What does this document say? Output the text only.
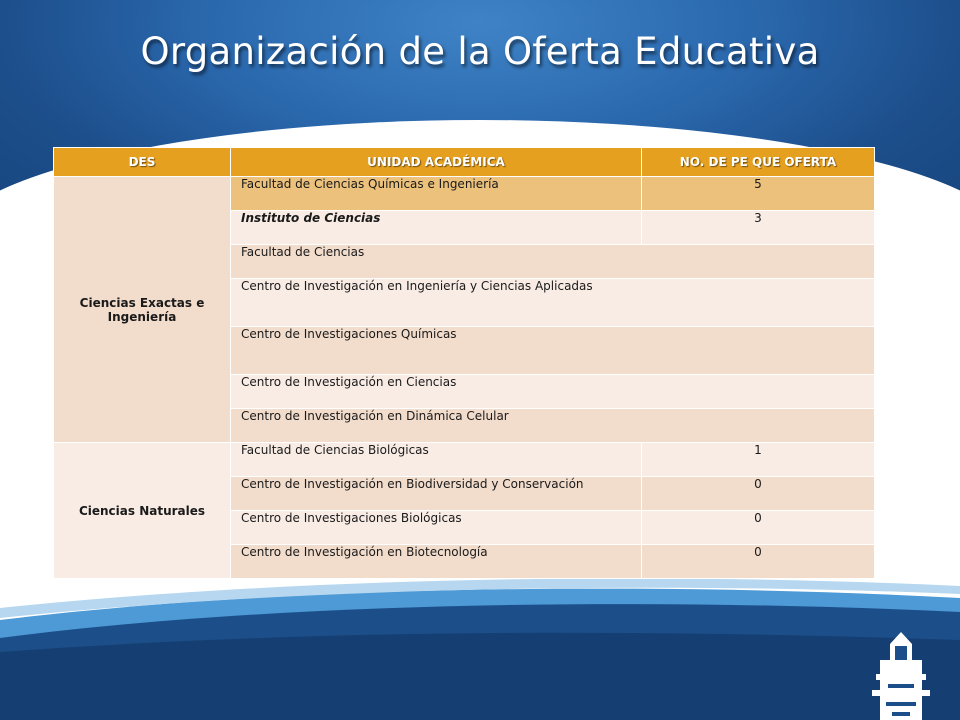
Organización de la Oferta Educativa
DES	UNIDAD ACADÉMICA	NO. DE PE QUE OFERTA
Ciencias Exactas e Ingeniería	Facultad de Ciencias Químicas e Ingeniería	5
	Instituto de Ciencias	3
	Facultad de Ciencias	
	Centro de Investigación en Ingeniería y Ciencias Aplicadas	
	Centro de Investigaciones Químicas	
	Centro de Investigación en Ciencias	
	Centro de Investigación en Dinámica Celular	
Ciencias Naturales	Facultad de Ciencias Biológicas	1
	Centro de Investigación en Biodiversidad y Conservación	0
	Centro de Investigaciones Biológicas	0
	Centro de Investigación en Biotecnología	0
